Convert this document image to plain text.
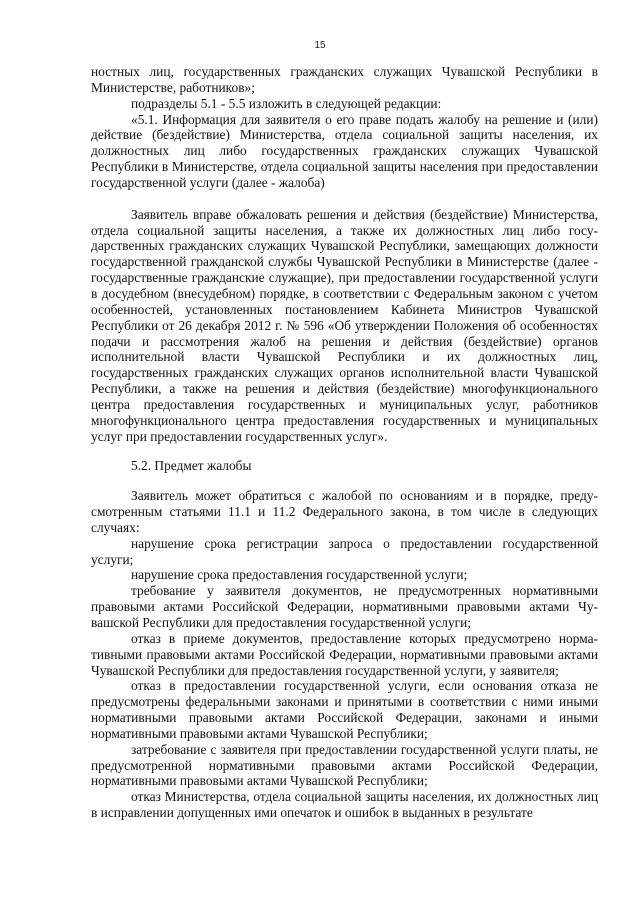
15

ностных лиц, государственных гражданских служащих Чувашской Республики в Министерстве, работников»;

подразделы 5.1 - 5.5 изложить в следующей редакции:

«5.1. Информация для заявителя о его праве подать жалобу на решение и (или) действие (бездействие) Министерства, отдела социальной защиты населения, их должностных лиц либо государственных гражданских служащих Чувашской Республики в Министерстве, отдела социальной защиты населения при предоставлении государственной услуги (далее - жалоба)

Заявитель вправе обжаловать решения и действия (бездействие) Министерства, отдела социальной защиты населения, а также их должностных лиц либо государственных гражданских служащих Чувашской Республики, замещающих должности государственной гражданской службы Чувашской Республики в Министерстве (далее - государственные гражданские служащие), при предоставлении государственной услуги в досудебном (внесудебном) порядке, в соответствии с Федеральным законом с учетом особенностей, установленных постановлением Кабинета Министров Чувашской Республики от 26 декабря 2012 г. № 596 «Об утверждении Положения об особенностях подачи и рассмотрения жалоб на решения и действия (бездействие) органов исполнительной власти Чувашской Республики и их должностных лиц, государственных гражданских служащих органов исполнительной власти Чувашской Республики, а также на решения и действия (бездействие) многофункционального центра предоставления государственных и муниципальных услуг, работников многофункционального центра предоставления государственных и муниципальных услуг при предоставлении государственных услуг».

5.2. Предмет жалобы

Заявитель может обратиться с жалобой по основаниям и в порядке, предусмотренным статьями 11.1 и 11.2 Федерального закона, в том числе в следующих случаях:

нарушение срока регистрации запроса о предоставлении государственной услуги;

нарушение срока предоставления государственной услуги;

требование у заявителя документов, не предусмотренных нормативными правовыми актами Российской Федерации, нормативными правовыми актами Чувашской Республики для предоставления государственной услуги;

отказ в приеме документов, предоставление которых предусмотрено нормативными правовыми актами Российской Федерации, нормативными правовыми актами Чувашской Республики для предоставления государственной услуги, у заявителя;

отказ в предоставлении государственной услуги, если основания отказа не предусмотрены федеральными законами и принятыми в соответствии с ними иными нормативными правовыми актами Российской Федерации, законами и иными нормативными правовыми актами Чувашской Республики;

затребование с заявителя при предоставлении государственной услуги платы, не предусмотренной нормативными правовыми актами Российской Федерации, нормативными правовыми актами Чувашской Республики;

отказ Министерства, отдела социальной защиты населения, их должностных лиц в исправлении допущенных ими опечаток и ошибок в выданных в результате
